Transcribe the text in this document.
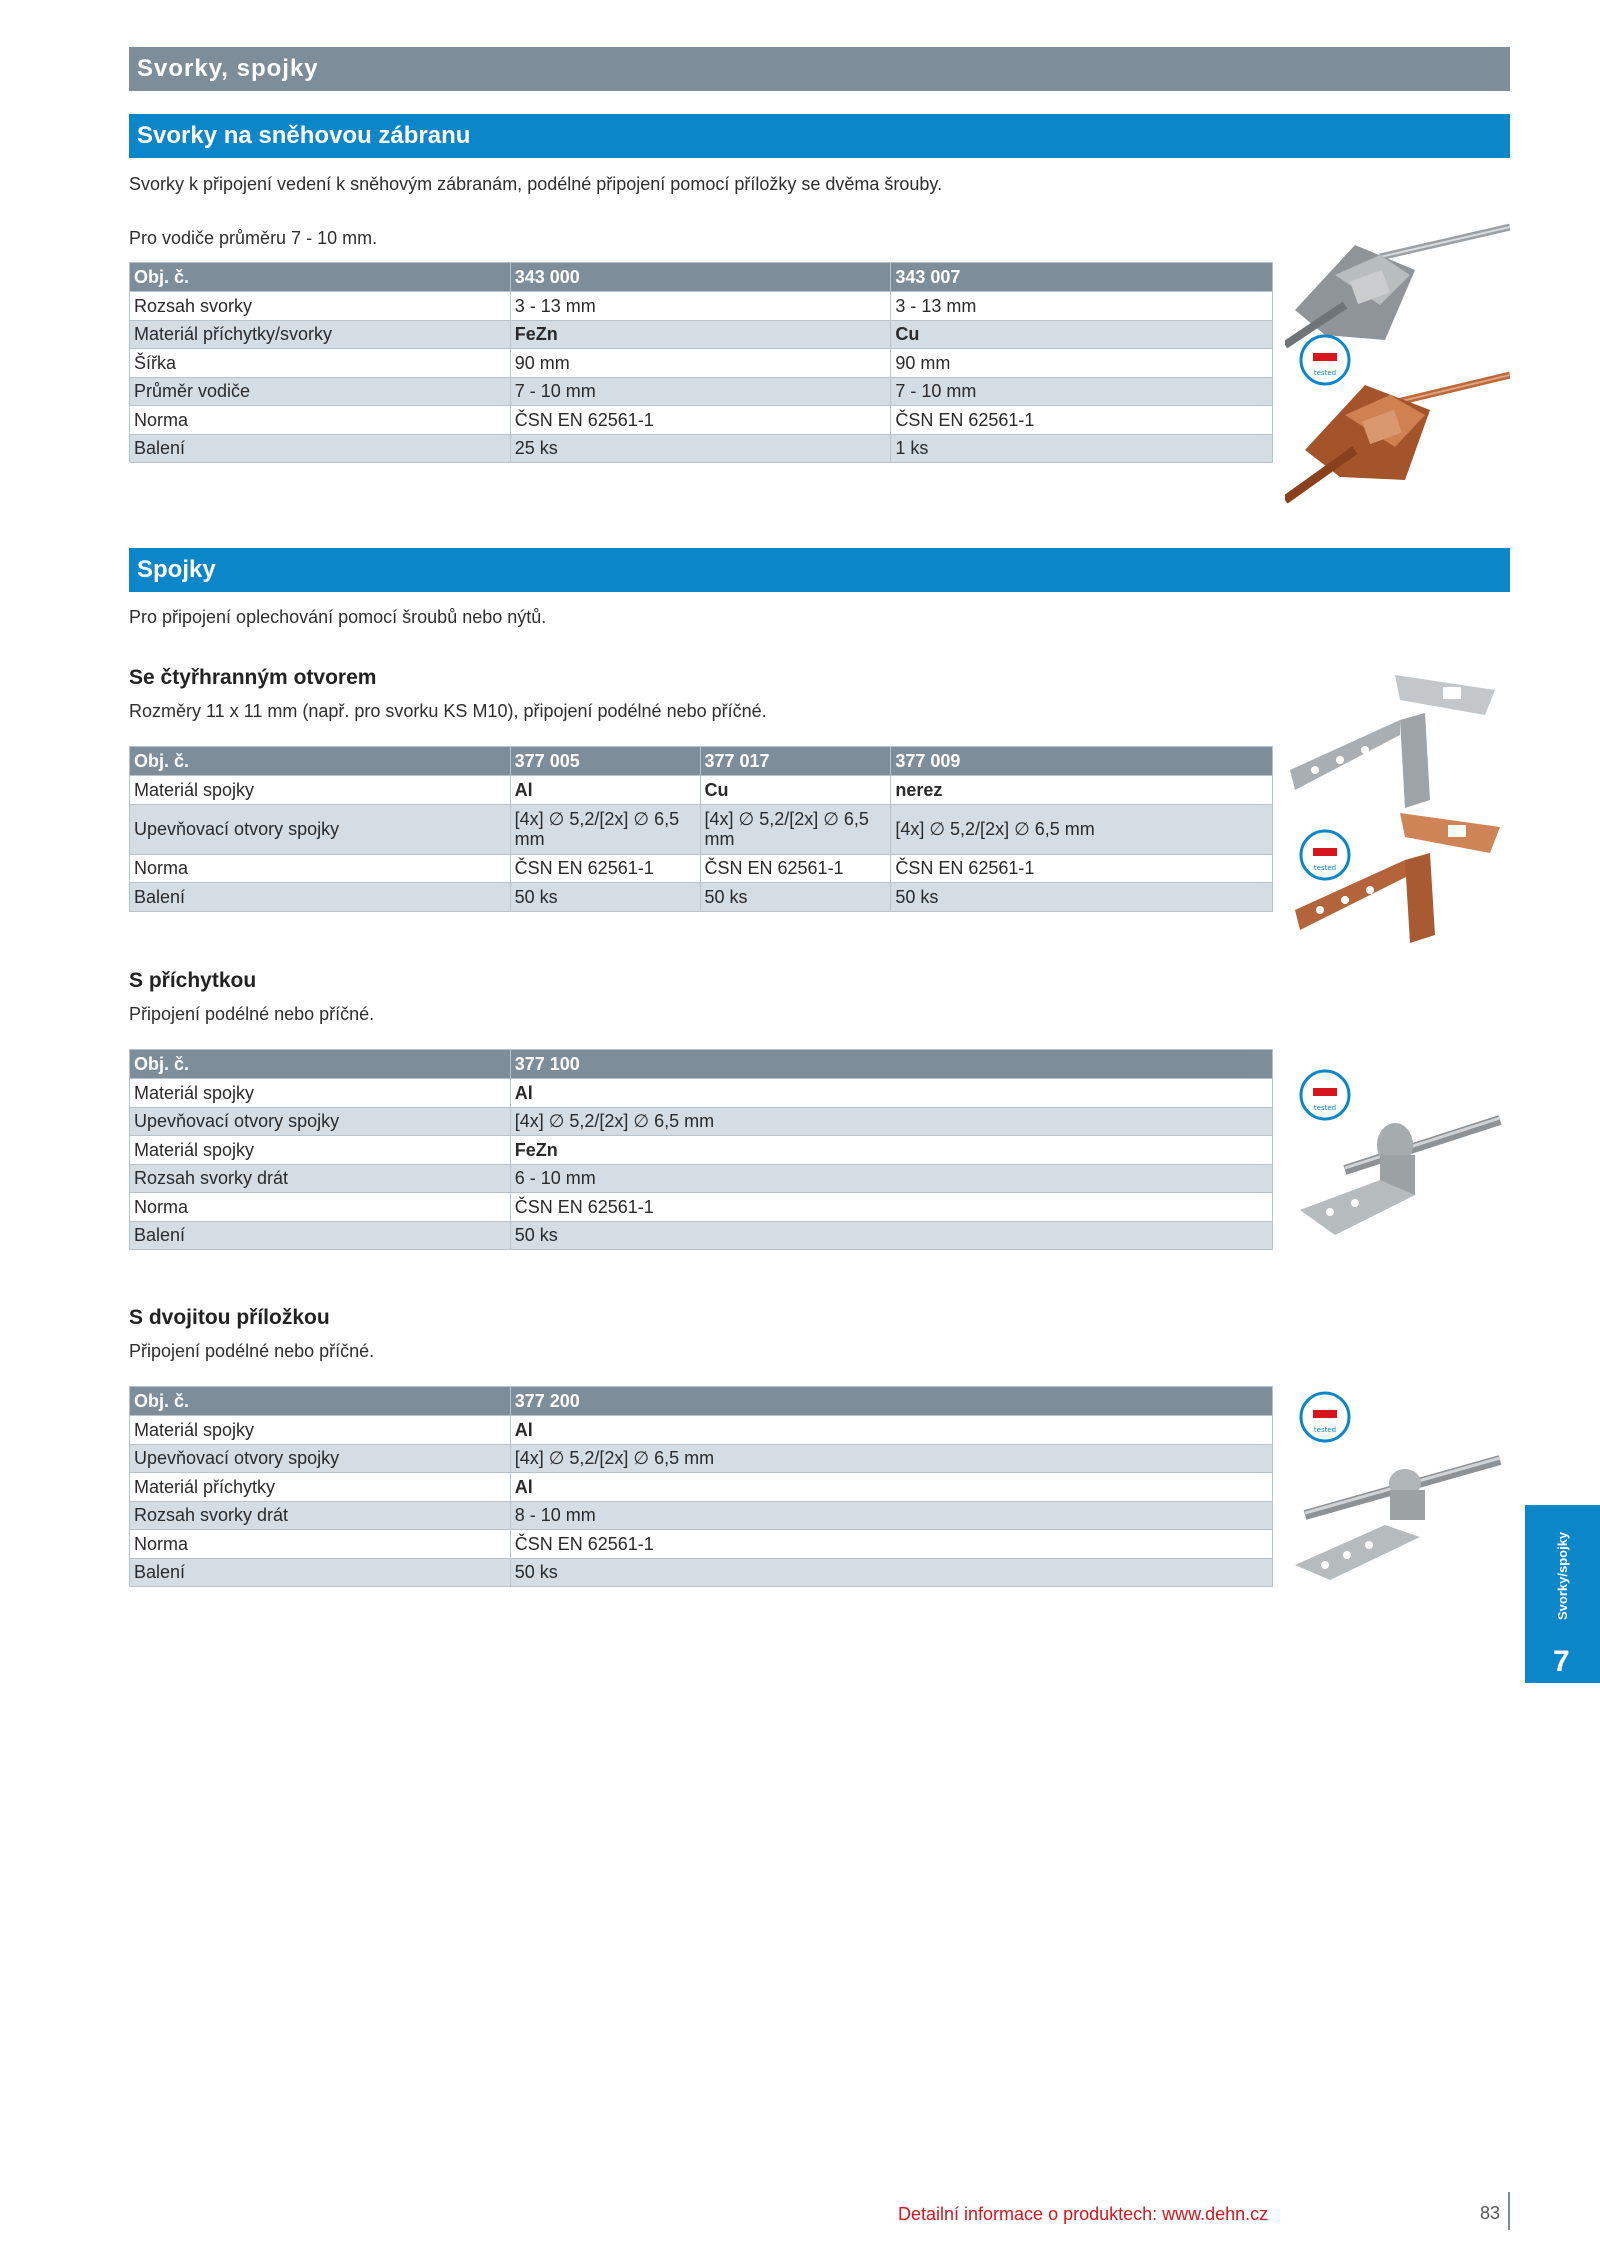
Svorky, spojky
Svorky na sněhovou zábranu
Svorky k připojení vedení k sněhovým zábranám, podélné připojení pomocí příložky se dvěma šrouby.
Pro vodiče průměru 7 - 10 mm.
Obj. č.	343 000	343 007
Rozsah svorky	3 - 13 mm	3 - 13 mm
Materiál příchytky/svorky	FeZn	Cu
Šířka	90 mm	90 mm
Průměr vodiče	7 - 10 mm	7 - 10 mm
Norma	ČSN EN 62561-1	ČSN EN 62561-1
Balení	25 ks	1 ks
tested
Spojky
Pro připojení oplechování pomocí šroubů nebo nýtů.
Se čtyřhranným otvorem
Rozměry 11 x 11 mm (např. pro svorku KS M10), připojení podélné nebo příčné.
Obj. č.	377 005	377 017	377 009
Materiál spojky	Al	Cu	nerez
Upevňovací otvory spojky	[4x] ∅ 5,2/[2x] ∅ 6,5 mm	[4x] ∅ 5,2/[2x] ∅ 6,5 mm	[4x] ∅ 5,2/[2x] ∅ 6,5 mm
Norma	ČSN EN 62561-1	ČSN EN 62561-1	ČSN EN 62561-1
Balení	50 ks	50 ks	50 ks
tested
S příchytkou
Připojení podélné nebo příčné.
Obj. č.	377 100
Materiál spojky	Al
Upevňovací otvory spojky	[4x] ∅ 5,2/[2x] ∅ 6,5 mm
Materiál spojky	FeZn
Rozsah svorky drát	6 - 10 mm
Norma	ČSN EN 62561-1
Balení	50 ks
tested
S dvojitou příložkou
Připojení podélné nebo příčné.
Obj. č.	377 200
Materiál spojky	Al
Upevňovací otvory spojky	[4x] ∅ 5,2/[2x] ∅ 6,5 mm
Materiál příchytky	Al
Rozsah svorky drát	8 - 10 mm
Norma	ČSN EN 62561-1
Balení	50 ks
tested
Svorky/spojky
7
Detailní informace o produktech: www.dehn.cz	83
